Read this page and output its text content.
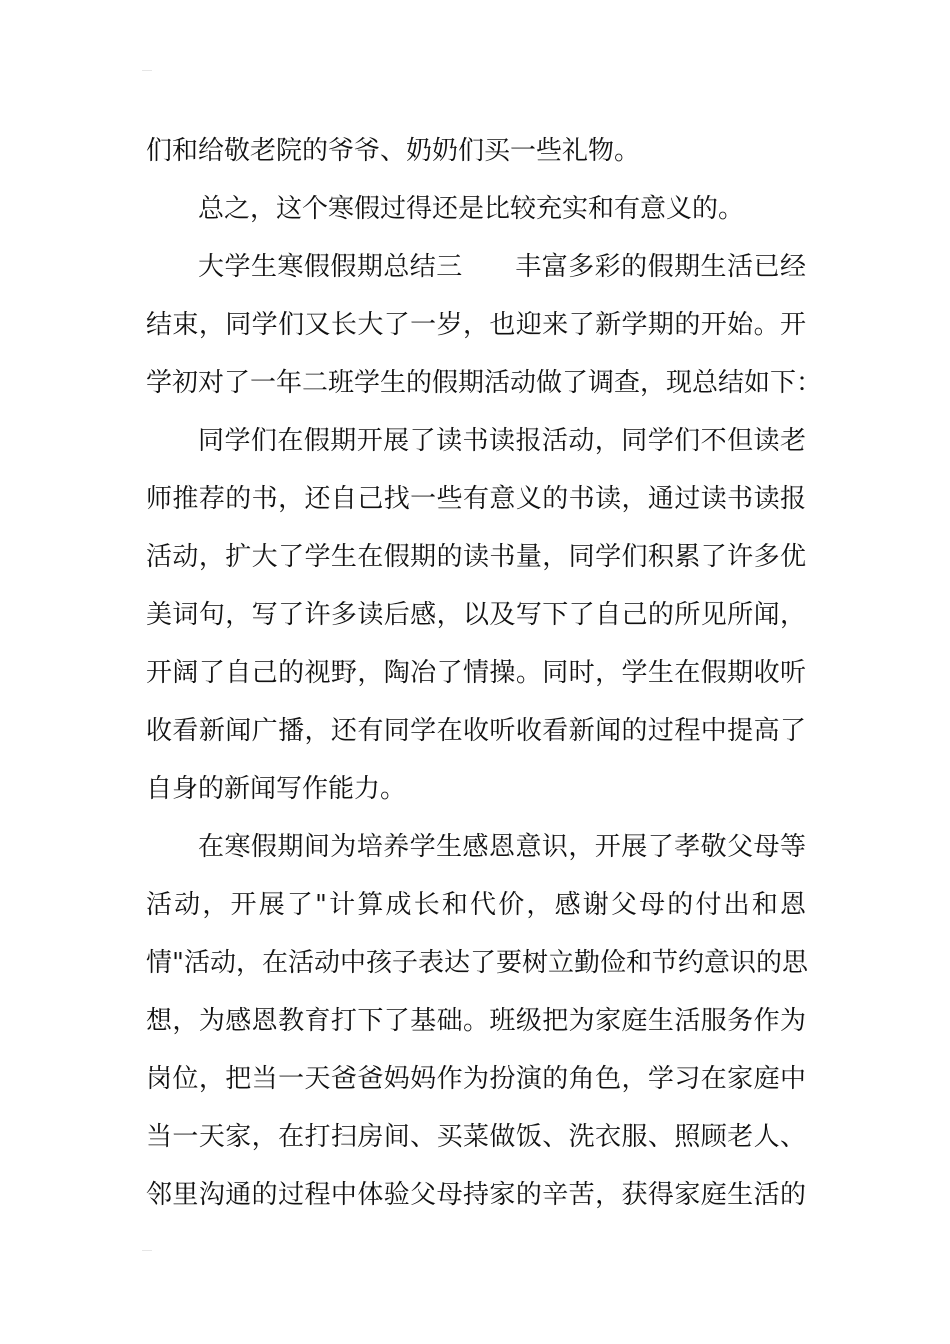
们和给敬老院的爷爷、奶奶们买一些礼物。
总之，这个寒假过得还是比较充实和有意义的。
大学生寒假假期总结三 丰富多彩的假期生活已经
结束，同学们又长大了一岁，也迎来了新学期的开始。开
学初对了一年二班学生的假期活动做了调查，现总结如下：
同学们在假期开展了读书读报活动，同学们不但读老
师推荐的书，还自己找一些有意义的书读，通过读书读报
活动，扩大了学生在假期的读书量，同学们积累了许多优
美词句，写了许多读后感，以及写下了自己的所见所闻，
开阔了自己的视野，陶冶了情操。同时，学生在假期收听
收看新闻广播，还有同学在收听收看新闻的过程中提高了
自身的新闻写作能力。
在寒假期间为培养学生感恩意识，开展了孝敬父母等
活动，开展了"计算成长和代价，感谢父母的付出和恩
情"活动，在活动中孩子表达了要树立勤俭和节约意识的思
想，为感恩教育打下了基础。班级把为家庭生活服务作为
岗位，把当一天爸爸妈妈作为扮演的角色，学习在家庭中
当一天家，在打扫房间、买菜做饭、洗衣服、照顾老人、
邻里沟通的过程中体验父母持家的辛苦，获得家庭生活的
